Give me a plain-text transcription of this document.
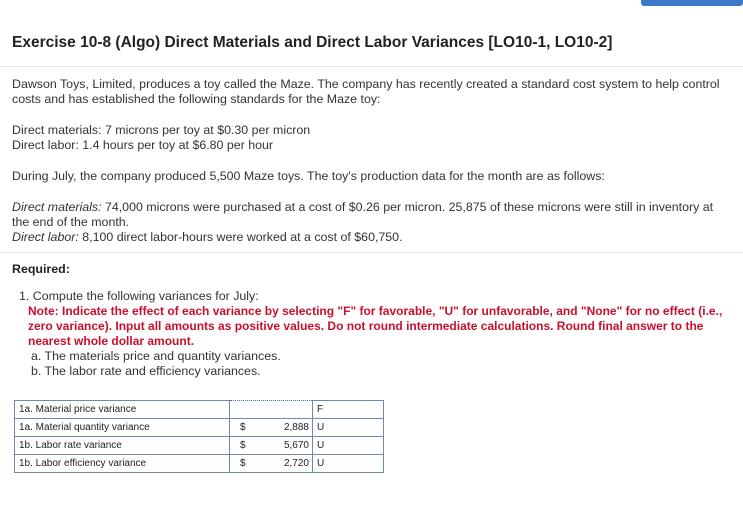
Exercise 10-8 (Algo) Direct Materials and Direct Labor Variances [LO10-1, LO10-2]

Dawson Toys, Limited, produces a toy called the Maze. The company has recently created a standard cost system to help control

costs and has established the following standards for the Maze toy:

Direct materials: 7 microns per toy at $0.30 per micron

Direct labor: 1.4 hours per toy at $6.80 per hour

During July, the company produced 5,500 Maze toys. The toy's production data for the month are as follows:

Direct materials: 74,000 microns were purchased at a cost of $0.26 per micron. 25,875 of these microns were still in inventory at

the end of the month.

Direct labor: 8,100 direct labor-hours were worked at a cost of $60,750.

Required:

1. Compute the following variances for July:

Note: Indicate the effect of each variance by selecting "F" for favorable, "U" for unfavorable, and "None" for no effect (i.e.,
zero variance). Input all amounts as positive values. Do not round intermediate calculations. Round final answer to the
nearest whole dollar amount.

a. The materials price and quantity variances.

b. The labor rate and efficiency variances.

1a. Material price variance		F
1a. Material quantity variance	$ 2,888	U
1b. Labor rate variance	$ 5,670	U
1b. Labor efficiency variance	$ 2,720	U
